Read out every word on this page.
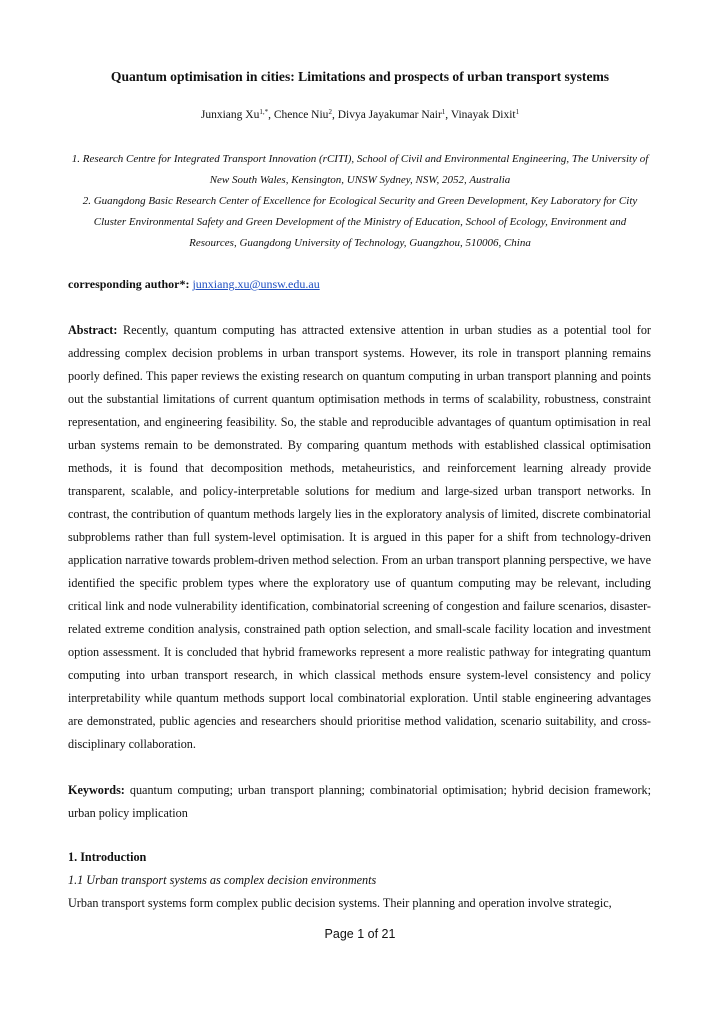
Quantum optimisation in cities: Limitations and prospects of urban transport systems
Junxiang $Xu^{1,*}$, Chence Niu$^2$, Divya Jayakumar Nair$^1$, Vinayak Dixit$^1$

1. Research Centre for Integrated Transport Innovation (rCITI), School of Civil and Environmental Engineering, The University of New South Wales, Kensington, UNSW Sydney, NSW, 2052, Australia

2. Guangdong Basic Research Center of Excellence for Ecological Security and Green Development, Key Laboratory for City Cluster Environmental Safety and Green Development of the Ministry of Education, School of Ecology, Environment and Resources, Guangdong University of Technology, Guangzhou, 510006, China

corresponding author*: junxiang.xu@unsw.edu.au

Abstract: Recently, quantum computing has attracted extensive attention in urban studies as a potential tool for addressing complex decision problems in urban transport systems. However, its role in transport planning remains poorly defined. This paper reviews the existing research on quantum computing in urban transport planning and points out the substantial limitations of current quantum optimisation methods in terms of scalability, robustness, constraint representation, and engineering feasibility. So, the stable and reproducible advantages of quantum optimisation in real urban systems remain to be demonstrated. By comparing quantum methods with established classical optimisation methods, it is found that decomposition methods, metaheuristics, and reinforcement learning already provide transparent, scalable, and policy-interpretable solutions for medium and large-sized urban transport networks. In contrast, the contribution of quantum methods largely lies in the exploratory analysis of limited, discrete combinatorial subproblems rather than full system-level optimisation. It is argued in this paper for a shift from technology-driven application narrative towards problem-driven method selection. From an urban transport planning perspective, we have identified the specific problem types where the exploratory use of quantum computing may be relevant, including critical link and node vulnerability identification, combinatorial screening of congestion and failure scenarios, disaster-related extreme condition analysis, constrained path option selection, and small-scale facility location and investment option assessment. It is concluded that hybrid frameworks represent a more realistic pathway for integrating quantum computing into urban transport research, in which classical methods ensure system-level consistency and policy interpretability while quantum methods support local combinatorial exploration. Until stable engineering advantages are demonstrated, public agencies and researchers should prioritise method validation, scenario suitability, and cross-disciplinary collaboration.

Keywords: quantum computing; urban transport planning; combinatorial optimisation; hybrid decision framework; urban policy implication

1. Introduction
1.1 Urban transport systems as complex decision environments
Urban transport systems form complex public decision systems. Their planning and operation involve strategic,
Page 1 of 21
